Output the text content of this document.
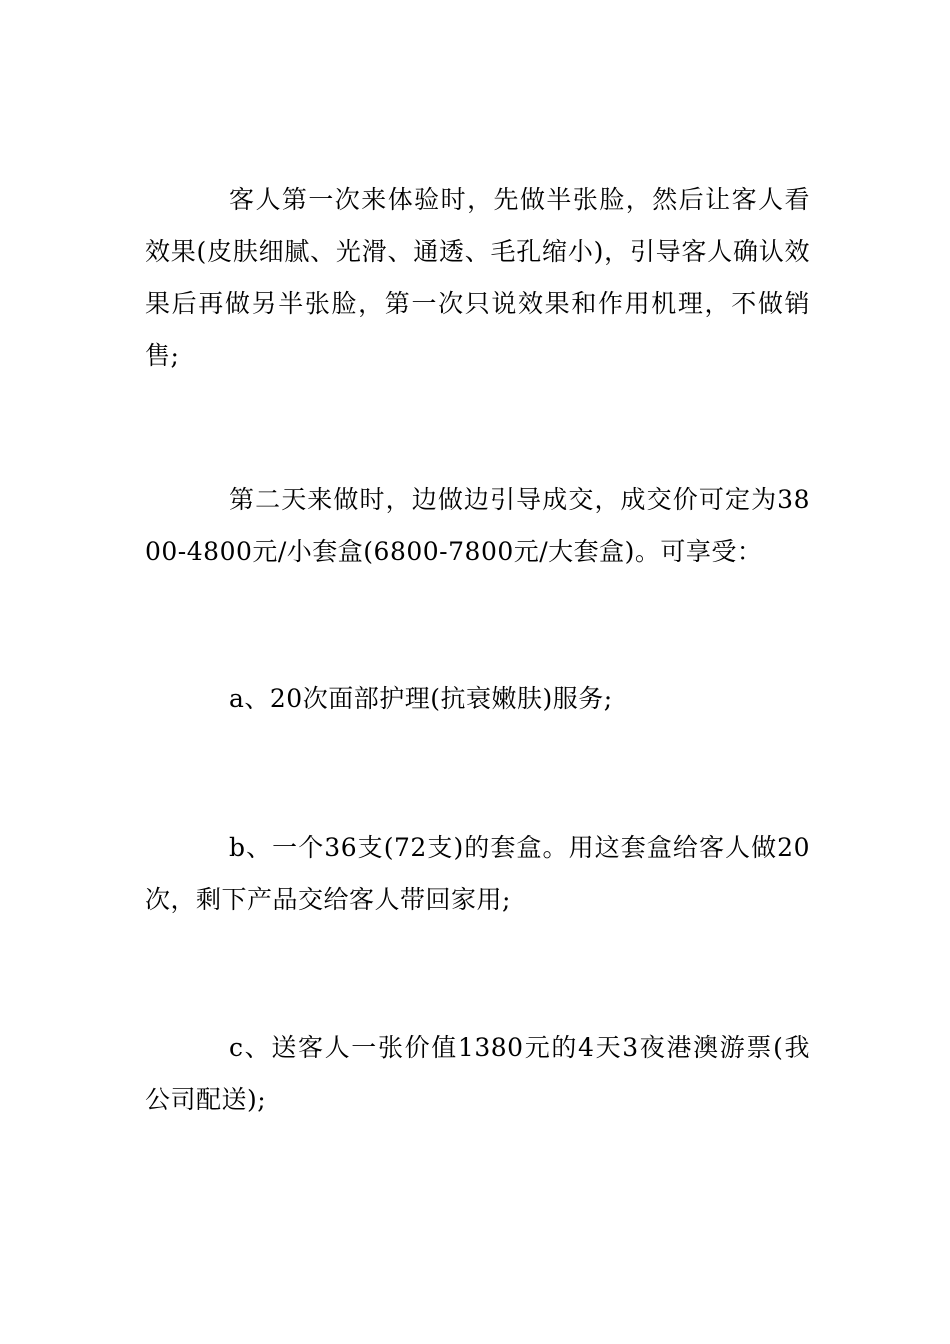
客人第一次来体验时，先做半张脸，然后让客人看效果(皮肤细腻、光滑、通透、毛孔缩小)，引导客人确认效果后再做另半张脸，第一次只说效果和作用机理，不做销售;

第二天来做时，边做边引导成交，成交价可定为3800-4800元/小套盒(6800-7800元/大套盒)。可享受：

a、20次面部护理(抗衰嫩肤)服务;

b、一个36支(72支)的套盒。用这套盒给客人做20次，剩下产品交给客人带回家用;

c、送客人一张价值1380元的4天3夜港澳游票(我公司配送);
